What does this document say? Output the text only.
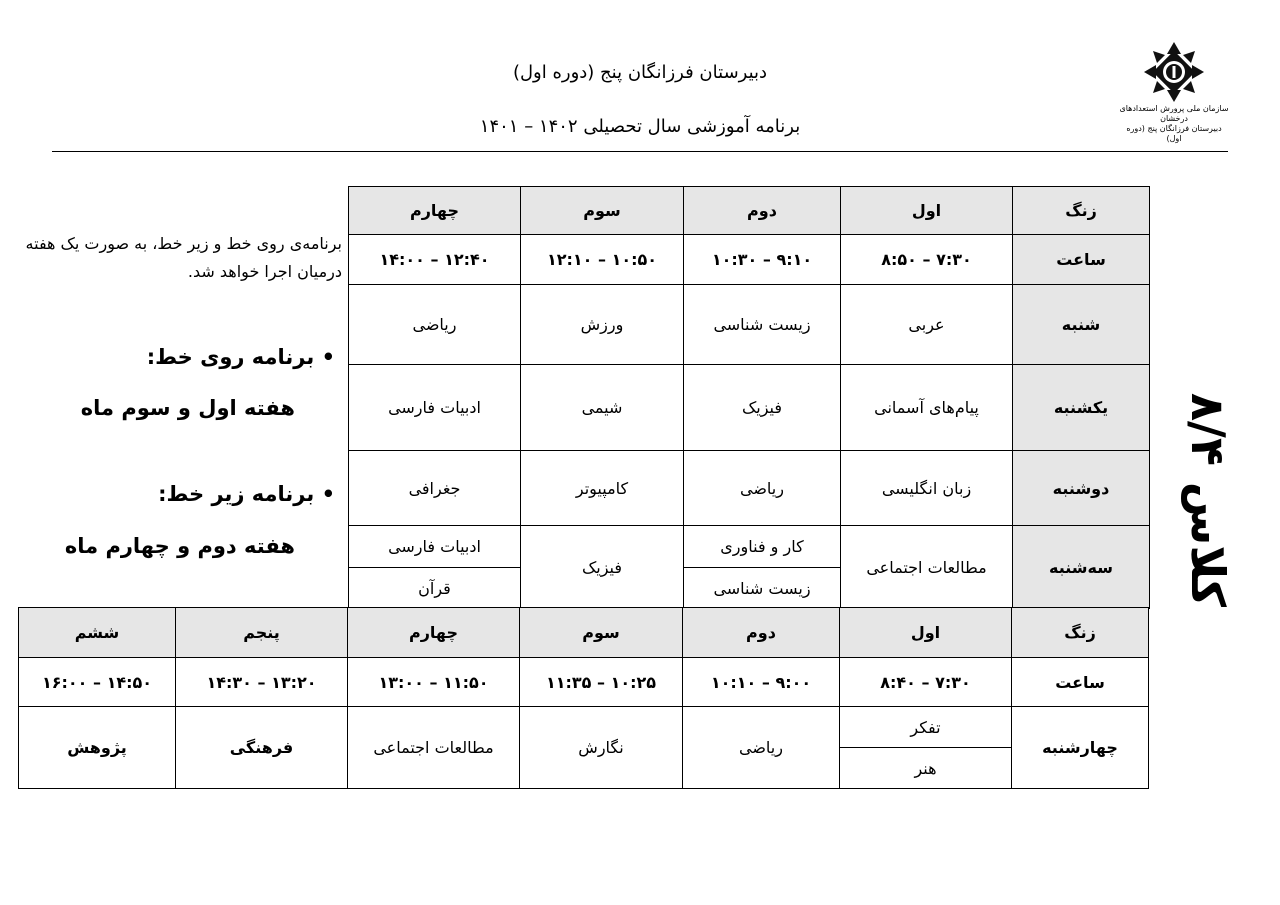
دبیرستان فرزانگان پنج (دوره اول)
برنامه آموزشی سال تحصیلی ۱۴۰۲ – ۱۴۰۱
سازمان ملی پرورش استعدادهای درخشان
دبیرستان فرزانگان پنج (دوره اول)
کلاس ۸/۴
برنامه‌ی روی خط و زیر خط، به صورت یک هفته درمیان اجرا خواهد شد.
• برنامه روی خط:
هفته اول و سوم ماه
• برنامه زیر خط:
هفته دوم و چهارم ماه
زنگ	اول	دوم	سوم	چهارم
ساعت	۷:۳۰ – ۸:۵۰	۹:۱۰ – ۱۰:۳۰	۱۰:۵۰ – ۱۲:۱۰	۱۲:۴۰ – ۱۴:۰۰
شنبه	عربی	زیست شناسی	ورزش	ریاضی
یکشنبه	پیام‌های آسمانی	فیزیک	شیمی	ادبیات فارسی
دوشنبه	زبان انگلیسی	ریاضی	کامپیوتر	جغرافی
سه‌شنبه	مطالعات اجتماعی	کار و فناوری	فیزیک	ادبیات فارسی
		زیست شناسی		قرآن
زنگ	اول	دوم	سوم	چهارم	پنجم	ششم
ساعت	۷:۳۰ – ۸:۴۰	۹:۰۰ – ۱۰:۱۰	۱۰:۲۵ – ۱۱:۳۵	۱۱:۵۰ – ۱۳:۰۰	۱۳:۲۰ – ۱۴:۳۰	۱۴:۵۰ – ۱۶:۰۰
چهارشنبه	تفکر	ریاضی	نگارش	مطالعات اجتماعی	فرهنگی	پژوهش
	هنر					
